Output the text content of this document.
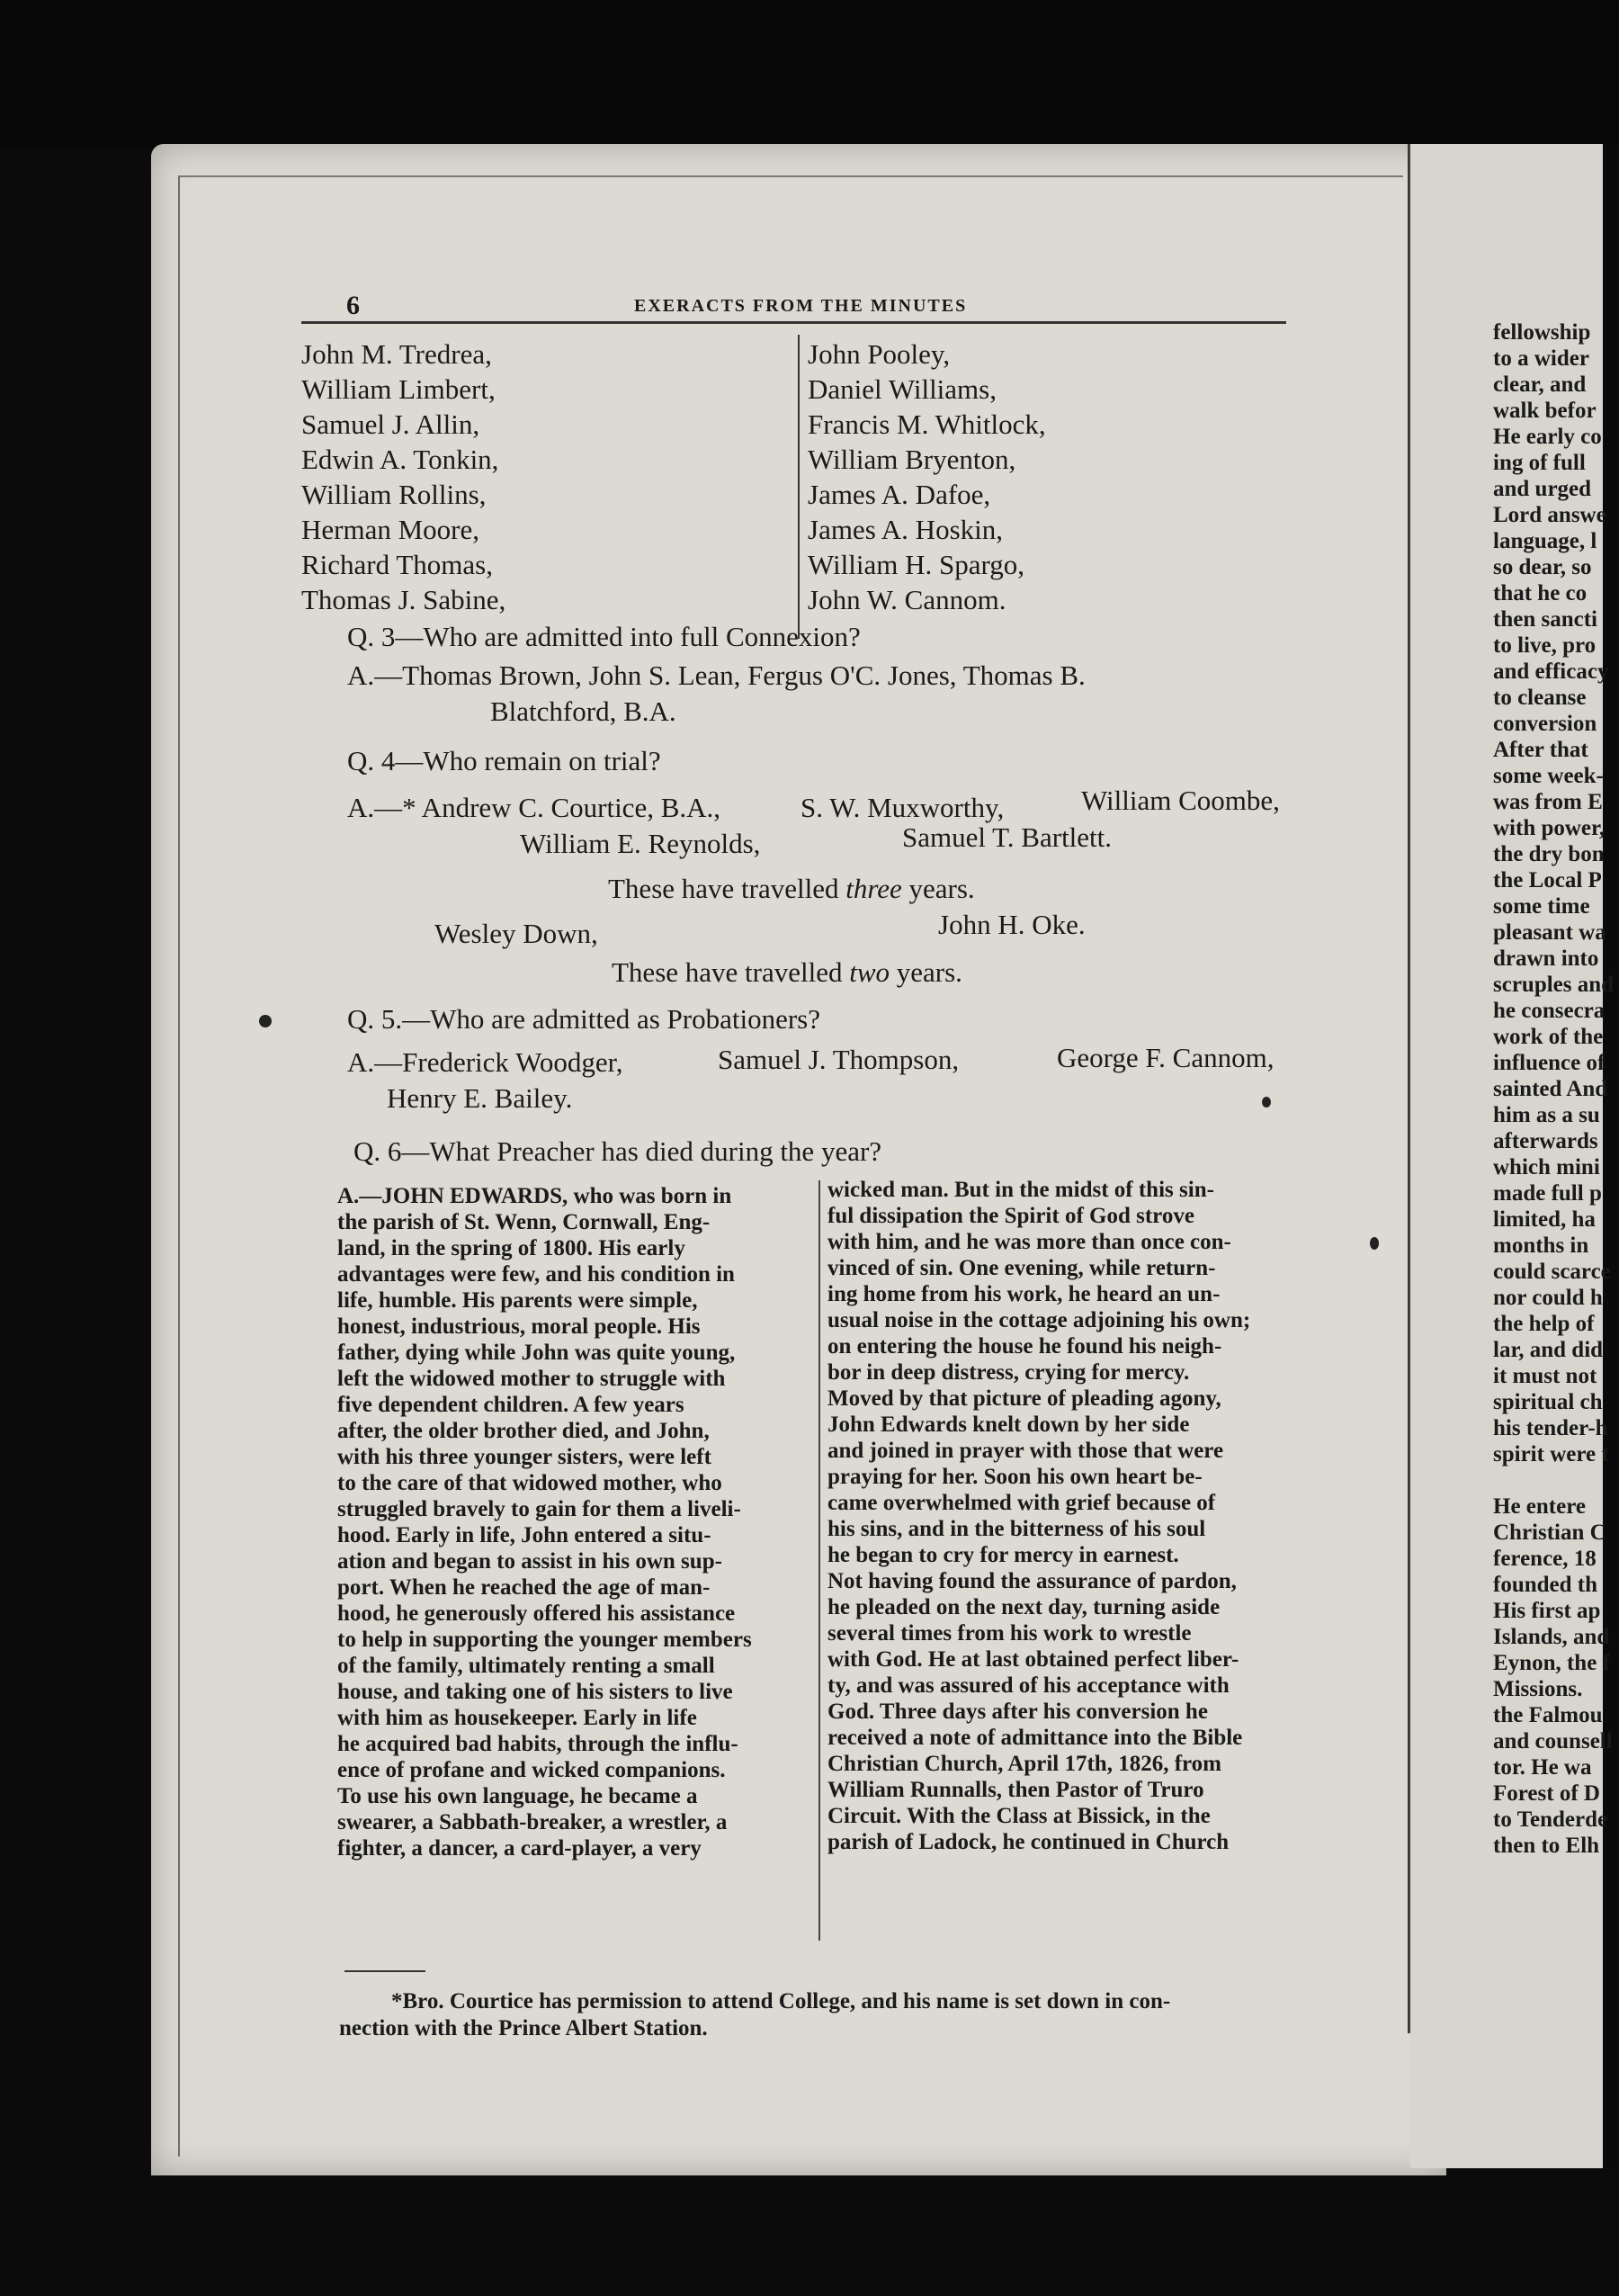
6	EXERACTS FROM THE MINUTES
John M. Tredrea,
William Limbert,
Samuel J. Allin,
Edwin A. Tonkin,
William Rollins,
Herman Moore,
Richard Thomas,
Thomas J. Sabine,
John Pooley,
Daniel Williams,
Francis M. Whitlock,
William Bryenton,
James A. Dafoe,
James A. Hoskin,
William H. Spargo,
John W. Cannom.
Q. 3—Who are admitted into full Connexion?
A.—Thomas Brown, John S. Lean, Fergus O'C. Jones, Thomas B.
Blatchford, B.A.
Q. 4—Who remain on trial?
A.—* Andrew C. Courtice, B.A.,	S. W. Muxworthy,	William Coombe,
William E. Reynolds,	Samuel T. Bartlett.
These have travelled three years.
Wesley Down,	John H. Oke.
These have travelled two years.
Q. 5.—Who are admitted as Probationers?
A.—Frederick Woodger,	Samuel J. Thompson,	George F. Cannom,
Henry E. Bailey.
Q. 6—What Preacher has died during the year?
A.—JOHN EDWARDS, who was born in
the parish of St. Wenn, Cornwall, Eng-
land, in the spring of 1800. His early
advantages were few, and his condition in
life, humble. His parents were simple,
honest, industrious, moral people. His
father, dying while John was quite young,
left the widowed mother to struggle with
five dependent children. A few years
after, the older brother died, and John,
with his three younger sisters, were left
to the care of that widowed mother, who
struggled bravely to gain for them a liveli-
hood. Early in life, John entered a situ-
ation and began to assist in his own sup-
port. When he reached the age of man-
hood, he generously offered his assistance
to help in supporting the younger members
of the family, ultimately renting a small
house, and taking one of his sisters to live
with him as housekeeper. Early in life
he acquired bad habits, through the influ-
ence of profane and wicked companions.
To use his own language, he became a
swearer, a Sabbath-breaker, a wrestler, a
fighter, a dancer, a card-player, a very
wicked man. But in the midst of this sin-
ful dissipation the Spirit of God strove
with him, and he was more than once con-
vinced of sin. One evening, while return-
ing home from his work, he heard an un-
usual noise in the cottage adjoining his own;
on entering the house he found his neigh-
bor in deep distress, crying for mercy.
Moved by that picture of pleading agony,
John Edwards knelt down by her side
and joined in prayer with those that were
praying for her. Soon his own heart be-
came overwhelmed with grief because of
his sins, and in the bitterness of his soul
he began to cry for mercy in earnest.
Not having found the assurance of pardon,
he pleaded on the next day, turning aside
several times from his work to wrestle
with God. He at last obtained perfect liber-
ty, and was assured of his acceptance with
God. Three days after his conversion he
received a note of admittance into the Bible
Christian Church, April 17th, 1826, from
William Runnalls, then Pastor of Truro
Circuit. With the Class at Bissick, in the
parish of Ladock, he continued in Church
*Bro. Courtice has permission to attend College, and his name is set down in con-
nection with the Prince Albert Station.
fellowship
to a wider
clear, and
walk befor
He early co
ing of full
and urged
Lord answe
language, l
so dear, so
that he co
then sancti
to live, pro
and efficacy
to cleanse
conversion
After that
some week-
was from E
with power,
the dry bon
the Local P
some time
pleasant wa
drawn into
scruples and
he consecra
work of the
influence of
sainted And
him as a su
afterwards
which mini
made full p
limited, ha
months in
could scarce
nor could h
the help of
lar, and did
it must not
spiritual ch
his tender-h
spirit were t
He entere
Christian C
ference, 18
founded th
His first ap
Islands, and
Eynon, the f
Missions.
the Falmou
and counsell
tor. He wa
Forest of D
to Tenderde
then to Elh
